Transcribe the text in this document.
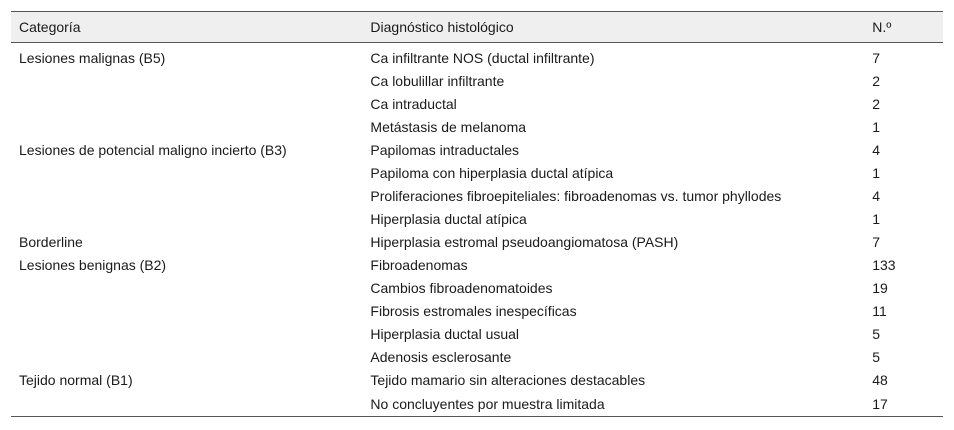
Categoría	Diagnóstico histológico	N.º
Lesiones malignas (B5)	Ca infiltrante NOS (ductal infiltrante)	7
	Ca lobulillar infiltrante	2
	Ca intraductal	2
	Metástasis de melanoma	1
Lesiones de potencial maligno incierto (B3)	Papilomas intraductales	4
	Papiloma con hiperplasia ductal atípica	1
	Proliferaciones fibroepiteliales: fibroadenomas vs. tumor phyllodes	4
	Hiperplasia ductal atípica	1
Borderline	Hiperplasia estromal pseudoangiomatosa (PASH)	7
Lesiones benignas (B2)	Fibroadenomas	133
	Cambios fibroadenomatoides	19
	Fibrosis estromales inespecíficas	11
	Hiperplasia ductal usual	5
	Adenosis esclerosante	5
Tejido normal (B1)	Tejido mamario sin alteraciones destacables	48
	No concluyentes por muestra limitada	17
